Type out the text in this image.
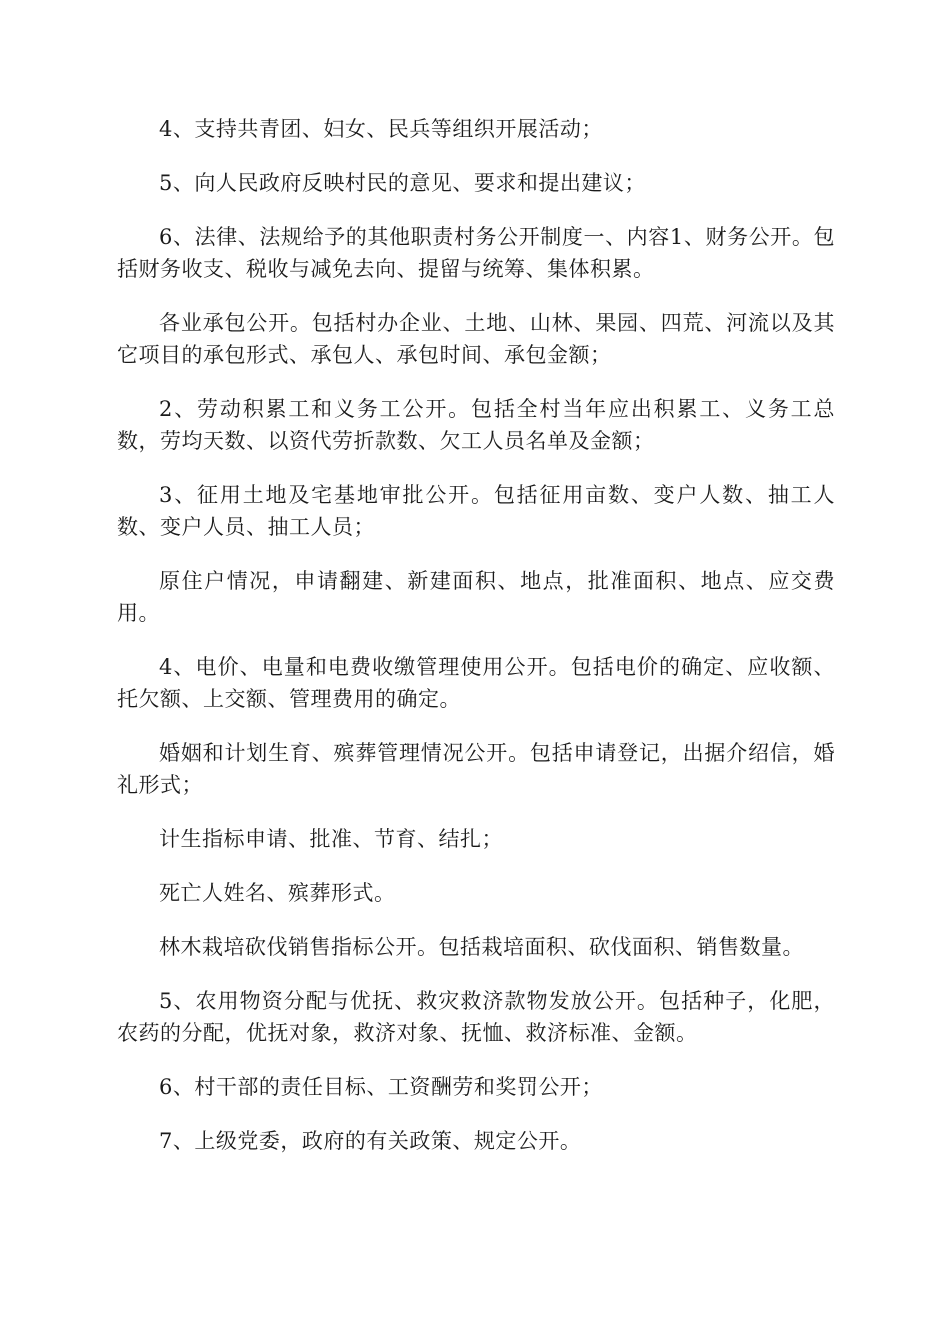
4、支持共青团、妇女、民兵等组织开展活动；

5、向人民政府反映村民的意见、要求和提出建议；

6、法律、法规给予的其他职责村务公开制度一、内容1、财务公开。包括财务收支、税收与减免去向、提留与统筹、集体积累。

各业承包公开。包括村办企业、土地、山林、果园、四荒、河流以及其它项目的承包形式、承包人、承包时间、承包金额；

2、劳动积累工和义务工公开。包括全村当年应出积累工、义务工总数，劳均天数、以资代劳折款数、欠工人员名单及金额；

3、征用土地及宅基地审批公开。包括征用亩数、变户人数、抽工人数、变户人员、抽工人员；

原住户情况，申请翻建、新建面积、地点，批准面积、地点、应交费用。

4、电价、电量和电费收缴管理使用公开。包括电价的确定、应收额、托欠额、上交额、管理费用的确定。

婚姻和计划生育、殡葬管理情况公开。包括申请登记，出据介绍信，婚礼形式；

计生指标申请、批准、节育、结扎；

死亡人姓名、殡葬形式。

林木栽培砍伐销售指标公开。包括栽培面积、砍伐面积、销售数量。

5、农用物资分配与优抚、救灾救济款物发放公开。包括种子，化肥，农药的分配，优抚对象，救济对象、抚恤、救济标准、金额。

6、村干部的责任目标、工资酬劳和奖罚公开；

7、上级党委，政府的有关政策、规定公开。
